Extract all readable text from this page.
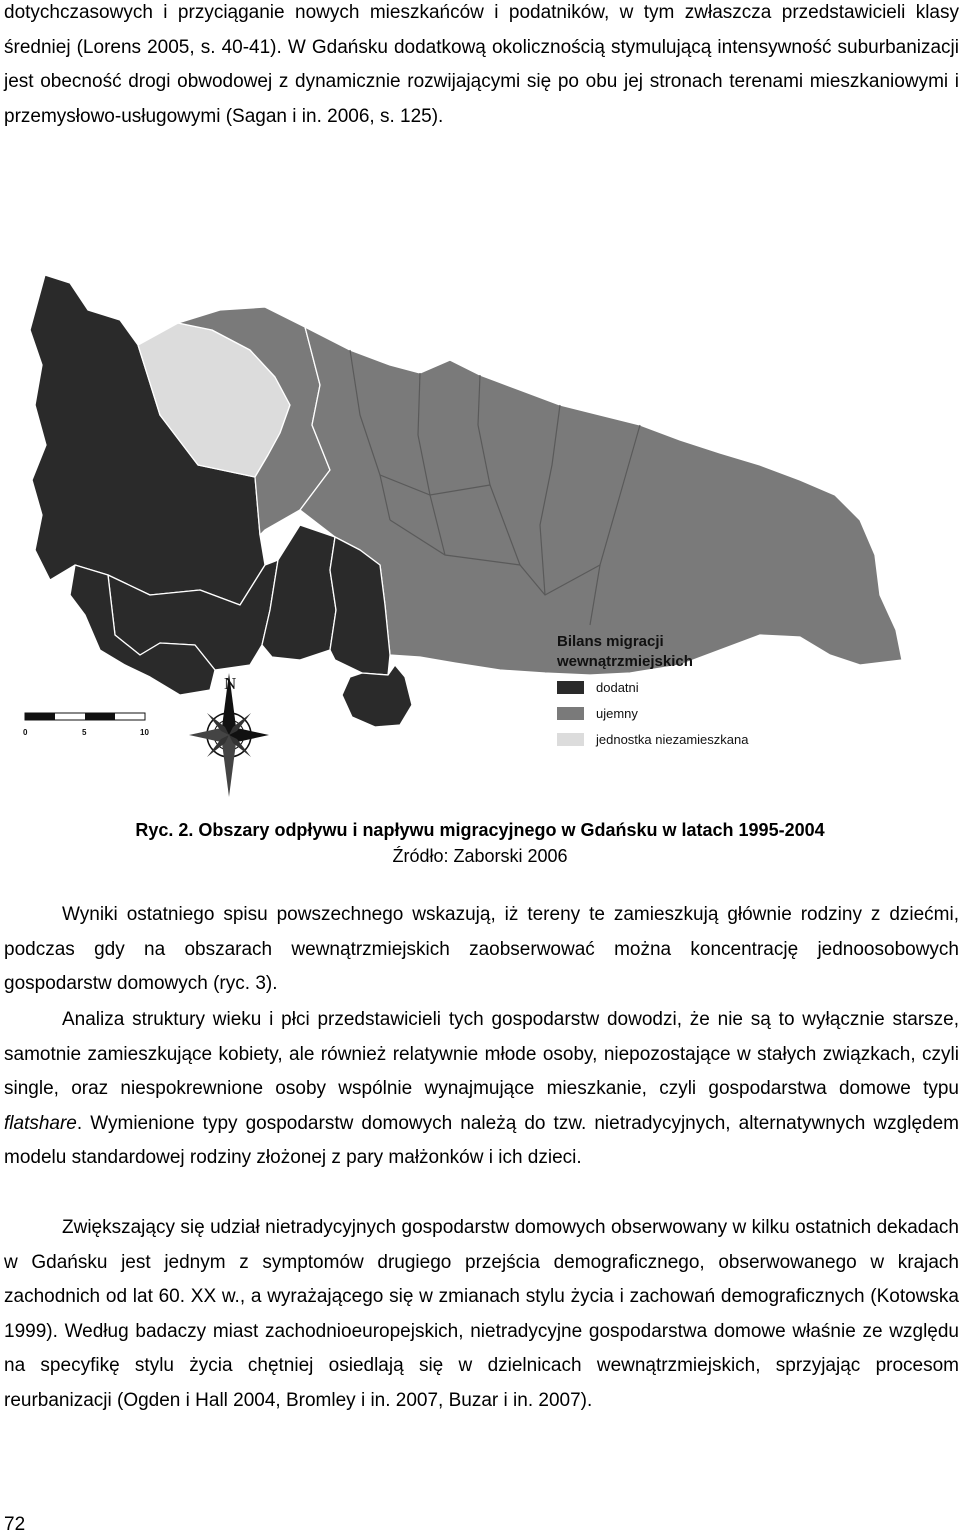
dotychczasowych i przyciąganie nowych mieszkańców i podatników, w tym zwłaszcza przedstawicieli klasy średniej (Lorens 2005, s. 40-41). W Gdańsku dodatkową okolicznością stymulującą intensywność suburbanizacji jest obecność drogi obwodowej z dynamicznie rozwijającymi się po obu jej stronach terenami mieszkaniowymi i przemysłowo-usługowymi (Sagan i in. 2006, s. 125).

N
0	5	10
Bilans migracji
wewnątrzmiejskich
dodatni
ujemny
jednostka niezamieszkana
Ryc. 2. Obszary odpływu i napływu migracyjnego w Gdańsku w latach 1995-2004
Źródło: Zaborski 2006

Wyniki ostatniego spisu powszechnego wskazują, iż tereny te zamieszkują głównie rodziny z dziećmi, podczas gdy na obszarach wewnątrzmiejskich zaobserwować można koncentrację jednoosobowych gospodarstw domowych (ryc. 3).

Analiza struktury wieku i płci przedstawicieli tych gospodarstw dowodzi, że nie są to wyłącznie starsze, samotnie zamieszkujące kobiety, ale również relatywnie młode osoby, niepozostające w stałych związkach, czyli single, oraz niespokrewnione osoby wspólnie wynajmujące mieszkanie, czyli gospodarstwa domowe typu flatshare. Wymienione typy gospodarstw domowych należą do tzw. nietradycyjnych, alternatywnych względem modelu standardowej rodziny złożonej z pary małżonków i ich dzieci.

Zwiększający się udział nietradycyjnych gospodarstw domowych obserwowany w kilku ostatnich dekadach w Gdańsku jest jednym z symptomów drugiego przejścia demograficznego, obserwowanego w krajach zachodnich od lat 60. XX w., a wyrażającego się w zmianach stylu życia i zachowań demograficznych (Kotowska 1999). Według badaczy miast zachodnioeuropejskich, nietradycyjne gospodarstwa domowe właśnie ze względu na specyfikę stylu życia chętniej osiedlają się w dzielnicach wewnątrzmiejskich, sprzyjając procesom reurbanizacji (Ogden i Hall 2004, Bromley i in. 2007, Buzar i in. 2007).

72
